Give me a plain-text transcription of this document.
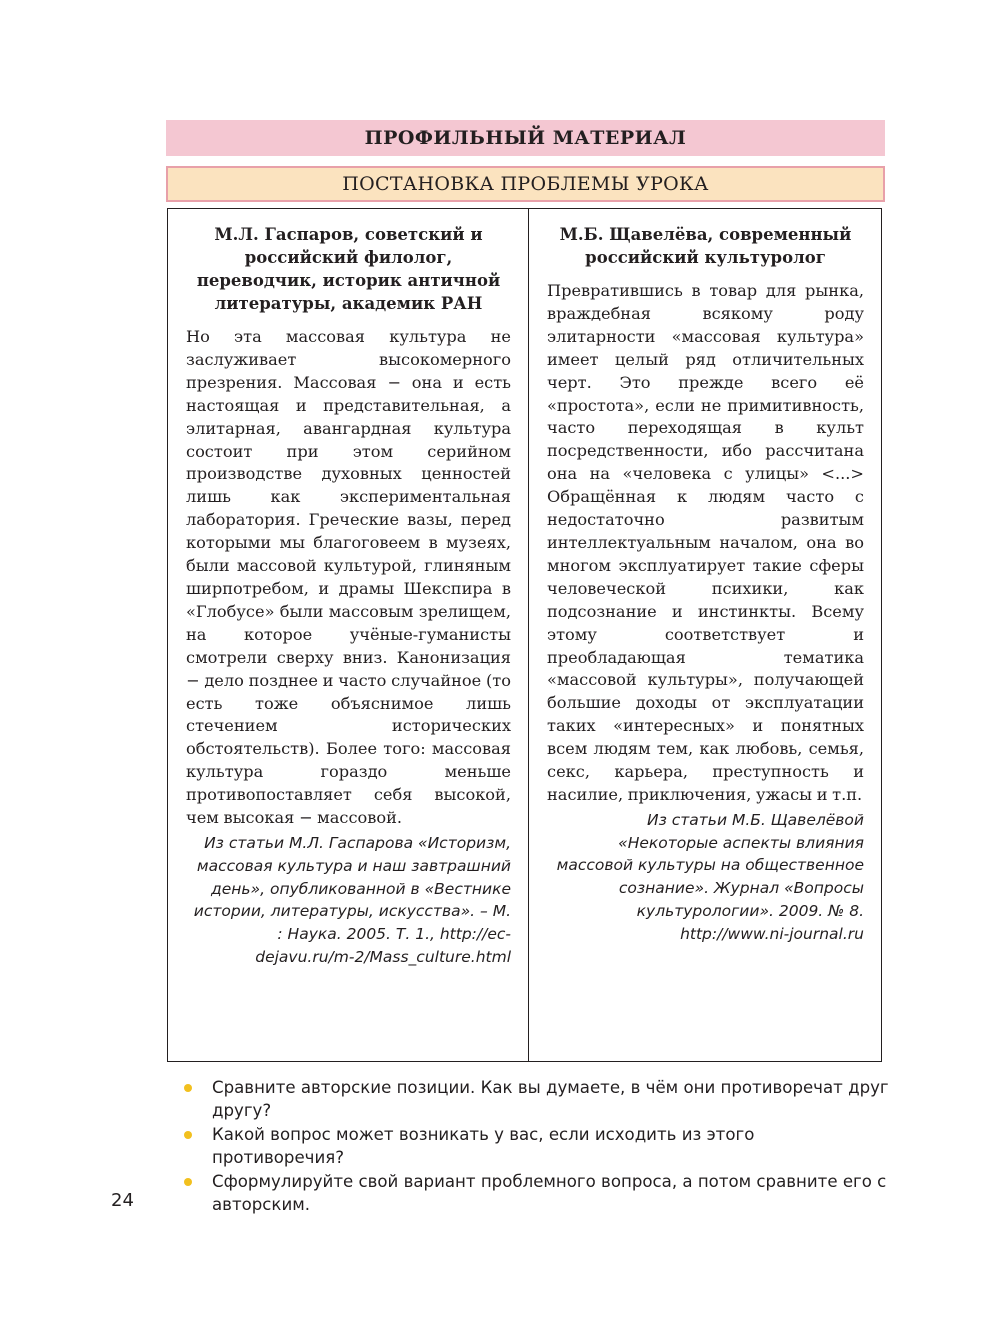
ПРОФИЛЬНЫЙ МАТЕРИАЛ
ПОСТАНОВКА ПРОБЛЕМЫ УРОКА

М.Л. Гаспаров, советский и российский филолог, переводчик, историк античной литературы, академик РАН

Но эта массовая культура не заслуживает высокомерного презрения. Массовая − она и есть настоящая и представительная, а элитарная, авангардная культура состоит при этом серийном производстве духовных ценностей лишь как экспериментальная лаборатория. Греческие вазы, перед которыми мы благоговеем в музеях, были массовой культурой, глиняным ширпотребом, и драмы Шекспира в «Глобусе» были массовым зрелищем, на которое учёные-гуманисты смотрели сверху вниз. Канонизация − дело позднее и часто случайное (то есть тоже объяснимое лишь стечением исторических обстоятельств). Более того: массовая культура гораздо меньше противопоставляет себя высокой, чем высокая − массовой.

Из статьи М.Л. Гаспарова «Историзм, массовая культура и наш завтрашний день», опубликованной в «Вестнике истории, литературы, искусства». – М. : Наука. 2005. Т. 1., http://ec-dejavu.ru/m-2/Mass_culture.html

М.Б. Щавелёва, современный российский культуролог

Превратившись в товар для рынка, враждебная всякому роду элитарности «массовая культура» имеет целый ряд отличительных черт. Это прежде всего её «простота», если не примитивность, часто переходящая в культ посредственности, ибо рассчитана она на «человека с улицы» <...> Обращённая к людям часто с недостаточно развитым интеллектуальным началом, она во многом эксплуатирует такие сферы человеческой психики, как подсознание и инстинкты. Всему этому соответствует и преобладающая тематика «массовой культуры», получающей большие доходы от эксплуатации таких «интересных» и понятных всем людям тем, как любовь, семья, секс, карьера, преступность и насилие, приключения, ужасы и т.п.

Из статьи М.Б. Щавелёвой «Некоторые аспекты влияния массовой культуры на общественное сознание». Журнал «Вопросы культурологии». 2009. № 8. http://www.ni-journal.ru

Сравните авторские позиции. Как вы думаете, в чём они противоречат друг другу?
Какой вопрос может возникать у вас, если исходить из этого противоречия?
Сформулируйте свой вариант проблемного вопроса, а потом сравните его с авторским.
24
